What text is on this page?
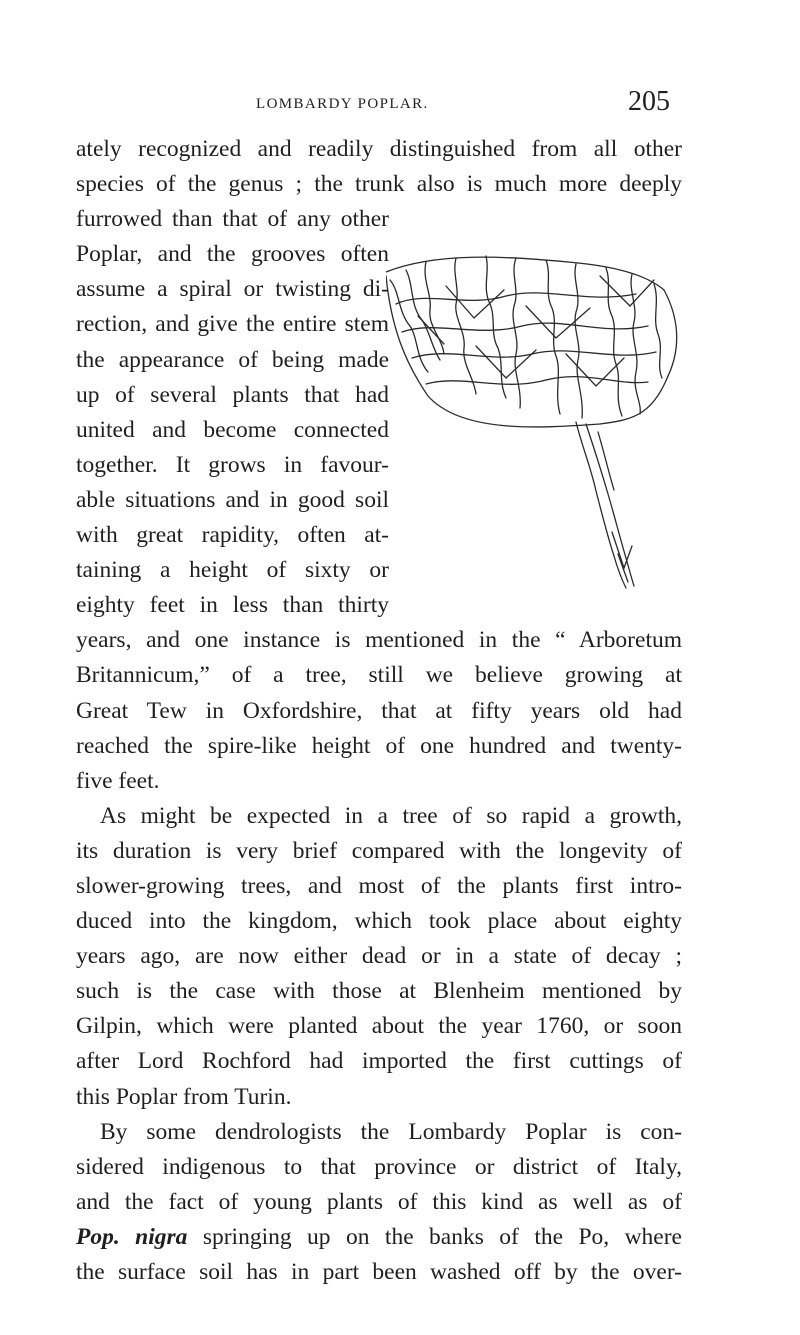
LOMBARDY POPLAR.	205
ately recognized and readily distinguished from all other
species of the genus ; the trunk also is much more deeply
furrowed than that of any other
Poplar, and the grooves often
assume a spiral or twisting di-
rection, and give the entire stem
the appearance of being made
up of several plants that had
united and become connected
together. It grows in favour-
able situations and in good soil
with great rapidity, often at-
taining a height of sixty or
eighty feet in less than thirty
years, and one instance is mentioned in the “ Arboretum
Britannicum,” of a tree, still we believe growing at
Great Tew in Oxfordshire, that at fifty years old had
reached the spire-like height of one hundred and twenty-
five feet.
As might be expected in a tree of so rapid a growth,
its duration is very brief compared with the longevity of
slower-growing trees, and most of the plants first intro-
duced into the kingdom, which took place about eighty
years ago, are now either dead or in a state of decay ;
such is the case with those at Blenheim mentioned by
Gilpin, which were planted about the year 1760, or soon
after Lord Rochford had imported the first cuttings of
this Poplar from Turin.
By some dendrologists the Lombardy Poplar is con-
sidered indigenous to that province or district of Italy,
and the fact of young plants of this kind as well as of
Pop. nigra springing up on the banks of the Po, where
the surface soil has in part been washed off by the over-
